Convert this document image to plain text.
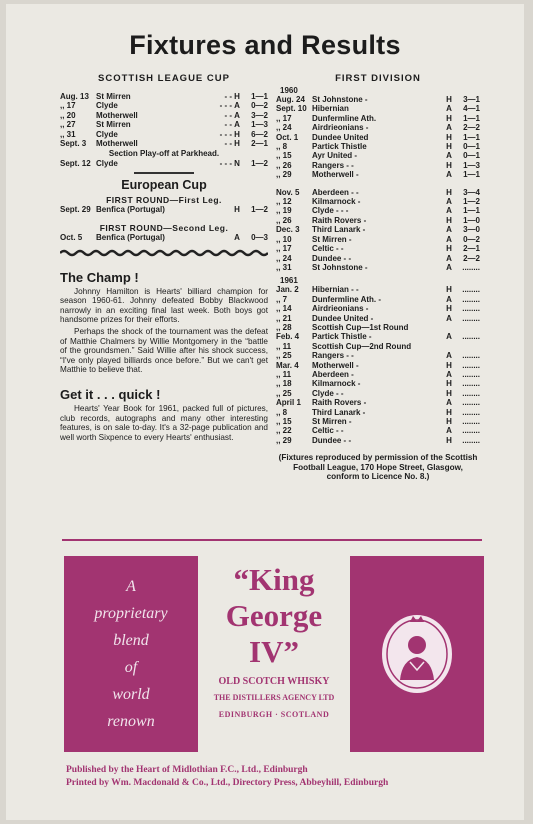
Fixtures and Results
SCOTTISH LEAGUE CUP
Aug. 13	St Mirren	- -	H	1—1
,, 17	Clyde	- - -	A	0—2
,, 20	Motherwell	- -	A	3—2
,, 27	St Mirren	- -	A	1—3
,, 31	Clyde	- - -	H	6—2
Sept. 3	Motherwell	- -	H	2—1
Section Play-off at Parkhead.
Sept. 12	Clyde	- - -	N	1—2
European Cup
FIRST ROUND—First Leg.
Sept. 29	Benfica (Portugal)	H	1—2
FIRST ROUND—Second Leg.
Oct. 5	Benfica (Portugal)	A	0—3
The Champ !

Johnny Hamilton is Hearts' billiard champion for season 1960-61. Johnny defeated Bobby Blackwood narrowly in an exciting final last week. Both boys got handsome prizes for their efforts.

Perhaps the shock of the tournament was the defeat of Matthie Chalmers by Willie Montgomery in the “battle of the groundsmen.” Said Willie after his shock success, “I've only played billiards once before.” But we can't get Matthie to believe that.

Get it . . . quick !

Hearts' Year Book for 1961, packed full of pictures, club records, autographs and many other interesting features, is on sale to-day. It's a 32-page publication and well worth Sixpence to every Hearts' enthusiast.

FIRST DIVISION
1960
Aug. 24	St Johnstone -	H	3—1
Sept. 10	Hibernian	A	4—1
,, 17	Dunfermline Ath.	H	1—1
,, 24	Airdrieonians -	A	2—2
Oct. 1	Dundee United	H	1—1
,, 8	Partick Thistle	H	0—1
,, 15	Ayr United -	A	0—1
,, 26	Rangers - -	H	1—3
,, 29	Motherwell -	A	1—1
Nov. 5	Aberdeen - -	H	3—4
,, 12	Kilmarnock -	A	1—2
,, 19	Clyde - - -	A	1—1
,, 26	Raith Rovers -	H	1—0
Dec. 3	Third Lanark -	A	3—0
,, 10	St Mirren -	A	0—2
,, 17	Celtic - -	H	2—1
,, 24	Dundee - -	A	2—2
,, 31	St Johnstone -	A	........
1961
Jan. 2	Hibernian - -	H	........
,, 7	Dunfermline Ath. -	A	........
,, 14	Airdrieonians -	H	........
,, 21	Dundee United -	A	........
,, 28	Scottish Cup—1st Round		
Feb. 4	Partick Thistle -	A	........
,, 11	Scottish Cup—2nd Round		
,, 25	Rangers - -	A	........
Mar. 4	Motherwell -	H	........
,, 11	Aberdeen -	A	........
,, 18	Kilmarnock -	H	........
,, 25	Clyde - -	H	........
April 1	Raith Rovers -	A	........
,, 8	Third Lanark -	H	........
,, 15	St Mirren -	H	........
,, 22	Celtic - -	A	........
,, 29	Dundee - -	H	........
(Fixtures reproduced by permission of the Scottish Football League, 170 Hope Street, Glasgow, conform to Licence No. 8.)
A
proprietary
blend
of
world
renown
“King
George
IV”
OLD SCOTCH WHISKY
THE DISTILLERS AGENCY LTD
EDINBURGH · SCOTLAND
Published by the Heart of Midlothian F.C., Ltd., Edinburgh
Printed by Wm. Macdonald & Co., Ltd., Directory Press, Abbeyhill, Edinburgh
